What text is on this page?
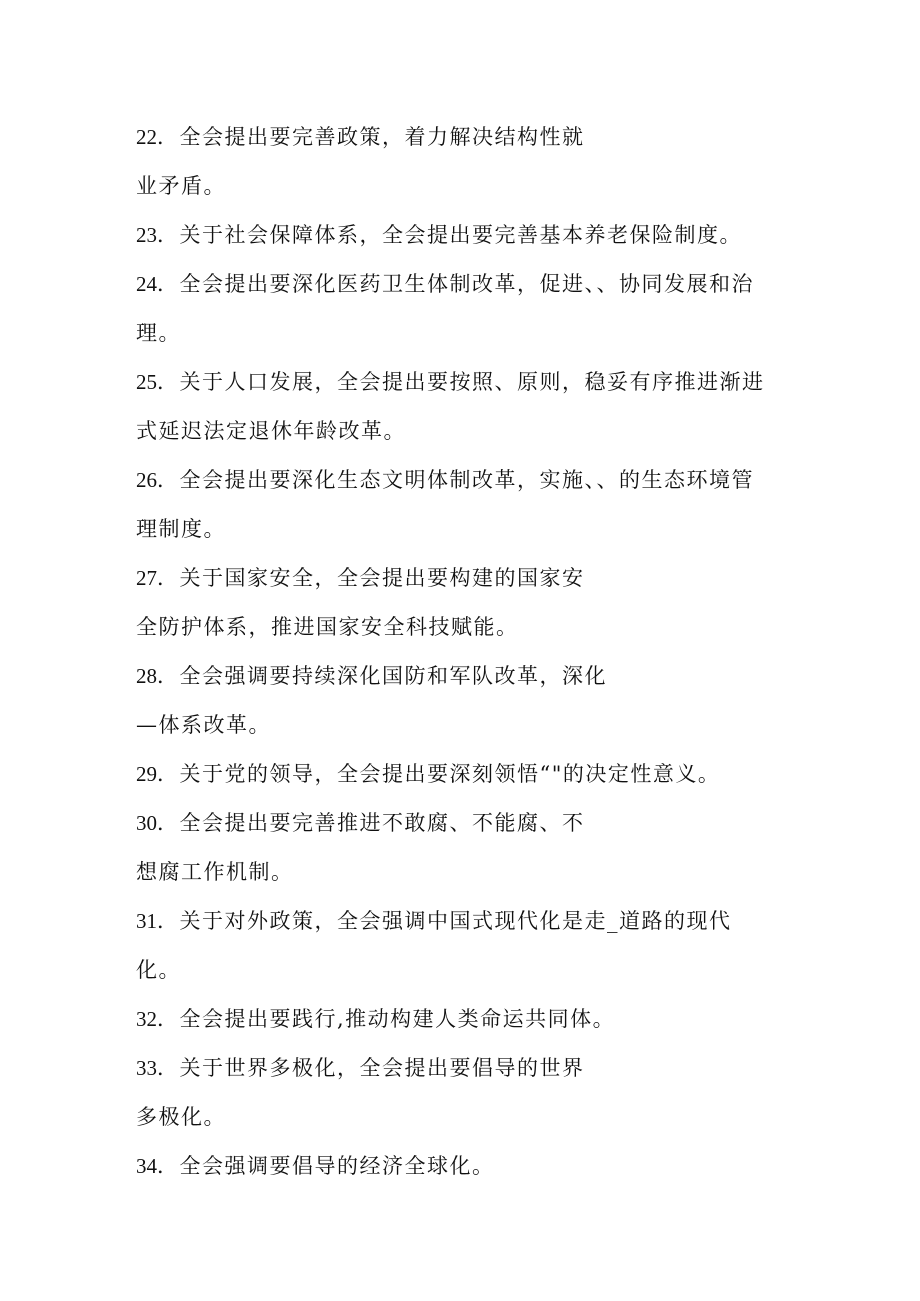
22．全会提出要完善政策，着力解决结构性就
业矛盾。
23．关于社会保障体系，全会提出要完善基本养老保险制度。
24．全会提出要深化医药卫生体制改革，促进、、协同发展和治
理。
25．关于人口发展，全会提出要按照、原则，稳妥有序推进渐进
式延迟法定退休年龄改革。
26．全会提出要深化生态文明体制改革，实施、、的生态环境管
理制度。
27．关于国家安全，全会提出要构建的国家安
全防护体系，推进国家安全科技赋能。
28．全会强调要持续深化国防和军队改革，深化
—体系改革。
29．关于党的领导，全会提出要深刻领悟“"的决定性意义。
30．全会提出要完善推进不敢腐、不能腐、不
想腐工作机制。
31．关于对外政策，全会强调中国式现代化是走_道路的现代
化。
32．全会提出要践行,推动构建人类命运共同体。
33．关于世界多极化，全会提出要倡导的世界
多极化。
34．全会强调要倡导的经济全球化。
